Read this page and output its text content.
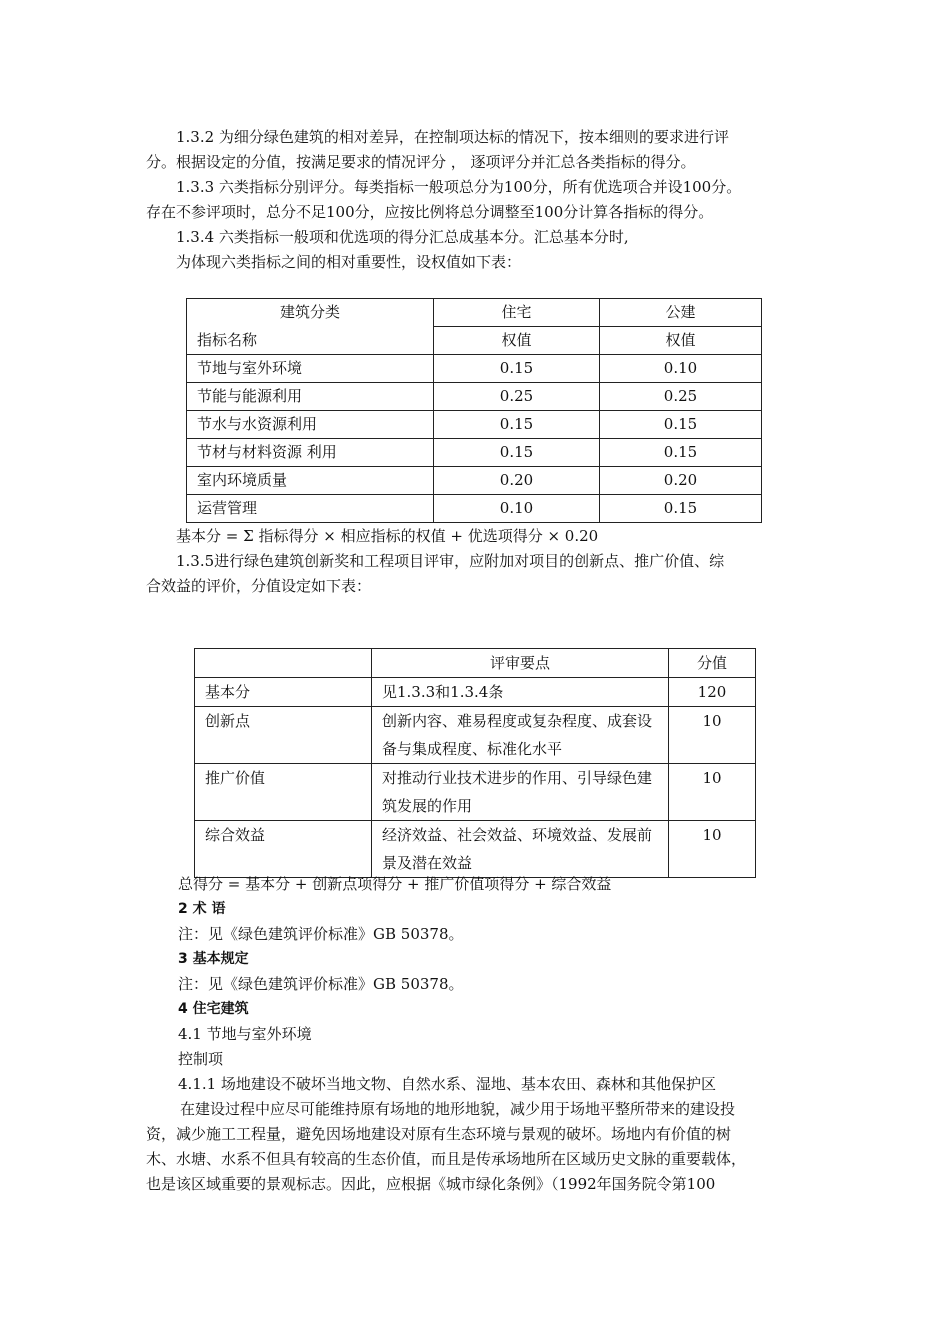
1.3.2 为细分绿色建筑的相对差异，在控制项达标的情况下，按本细则的要求进行评
分。根据设定的分值，按满足要求的情况评分 ， 逐项评分并汇总各类指标的得分。
1.3.3 六类指标分别评分。每类指标一般项总分为100分，所有优选项合并设100分。
存在不参评项时，总分不足100分，应按比例将总分调整至100分计算各指标的得分。
1.3.4 六类指标一般项和优选项的得分汇总成基本分。汇总基本分时,
为体现六类指标之间的相对重要性，设权值如下表：
建筑分类	住宅	公建
指标名称	权值	权值
节地与室外环境	0.15	0.10
节能与能源利用	0.25	0.25
节水与水资源利用	0.15	0.15
节材与材料资源 利用	0.15	0.15
室内环境质量	0.20	0.20
运营管理	0.10	0.15
基本分 = Σ 指标得分 × 相应指标的权值 + 优选项得分 × 0.20
1.3.5进行绿色建筑创新奖和工程项目评审，应附加对项目的创新点、推广价值、综
合效益的评价，分值设定如下表：
	评审要点	分值
基本分	见1.3.3和1.3.4条	120
创新点	创新内容、难易程度或复杂程度、成套设备与集成程度、标准化水平	10
推广价值	对推动行业技术进步的作用、引导绿色建筑发展的作用	10
综合效益	经济效益、社会效益、环境效益、发展前景及潜在效益	10
总得分 = 基本分 + 创新点项得分 + 推广价值项得分 + 综合效益
2 术 语
注：见《绿色建筑评价标准》GB 50378。
3 基本规定
注：见《绿色建筑评价标准》GB 50378。
4 住宅建筑
4.1 节地与室外环境
控制项
4.1.1 场地建设不破坏当地文物、自然水系、湿地、基本农田、森林和其他保护区
在建设过程中应尽可能维持原有场地的地形地貌，减少用于场地平整所带来的建设投
资，减少施工工程量，避免因场地建设对原有生态环境与景观的破坏。场地内有价值的树
木、水塘、水系不但具有较高的生态价值，而且是传承场地所在区域历史文脉的重要载体，
也是该区域重要的景观标志。因此，应根据《城市绿化条例》（1992年国务院令第100
